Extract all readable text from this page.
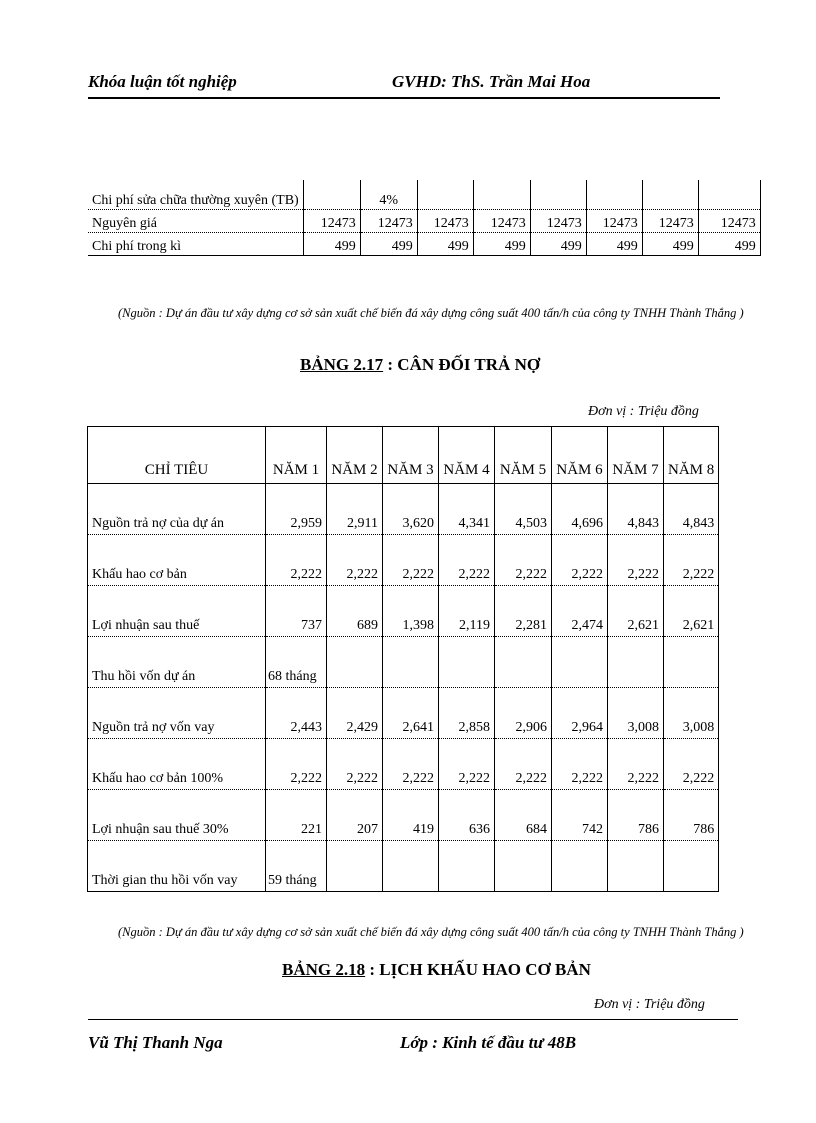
Khóa luận tốt nghiệp	GVHD: ThS. Trần Mai Hoa
Chi phí sửa chữa thường xuyên (TB)		4%						
Nguyên giá	12473	12473	12473	12473	12473	12473	12473	12473
Chi phí trong kì	499	499	499	499	499	499	499	499
(Nguồn : Dự án đầu tư xây dựng cơ sở sản xuất chế biến đá xây dựng công suất 400 tấn/h của công ty TNHH Thành Thắng )
BẢNG 2.17 : CÂN ĐỐI TRẢ NỢ
Đơn vị : Triệu đồng
CHỈ TIÊU	NĂM 1	NĂM 2	NĂM 3	NĂM 4	NĂM 5	NĂM 6	NĂM 7	NĂM 8
Nguồn trả nợ của dự án	2,959	2,911	3,620	4,341	4,503	4,696	4,843	4,843
Khấu hao cơ bản	2,222	2,222	2,222	2,222	2,222	2,222	2,222	2,222
Lợi nhuận sau thuế	737	689	1,398	2,119	2,281	2,474	2,621	2,621
Thu hồi vốn dự án	68 tháng							
Nguồn trả nợ vốn vay	2,443	2,429	2,641	2,858	2,906	2,964	3,008	3,008
Khấu hao cơ bản 100%	2,222	2,222	2,222	2,222	2,222	2,222	2,222	2,222
Lợi nhuận sau thuế 30%	221	207	419	636	684	742	786	786
Thời gian thu hồi vốn vay	59 tháng							
(Nguồn : Dự án đầu tư xây dựng cơ sở sản xuất chế biến đá xây dựng công suất 400 tấn/h của công ty TNHH Thành Thắng )
BẢNG 2.18 : LỊCH KHẤU HAO CƠ BẢN
Đơn vị : Triệu đồng
Vũ Thị Thanh Nga	Lớp : Kinh tế đầu tư 48B
